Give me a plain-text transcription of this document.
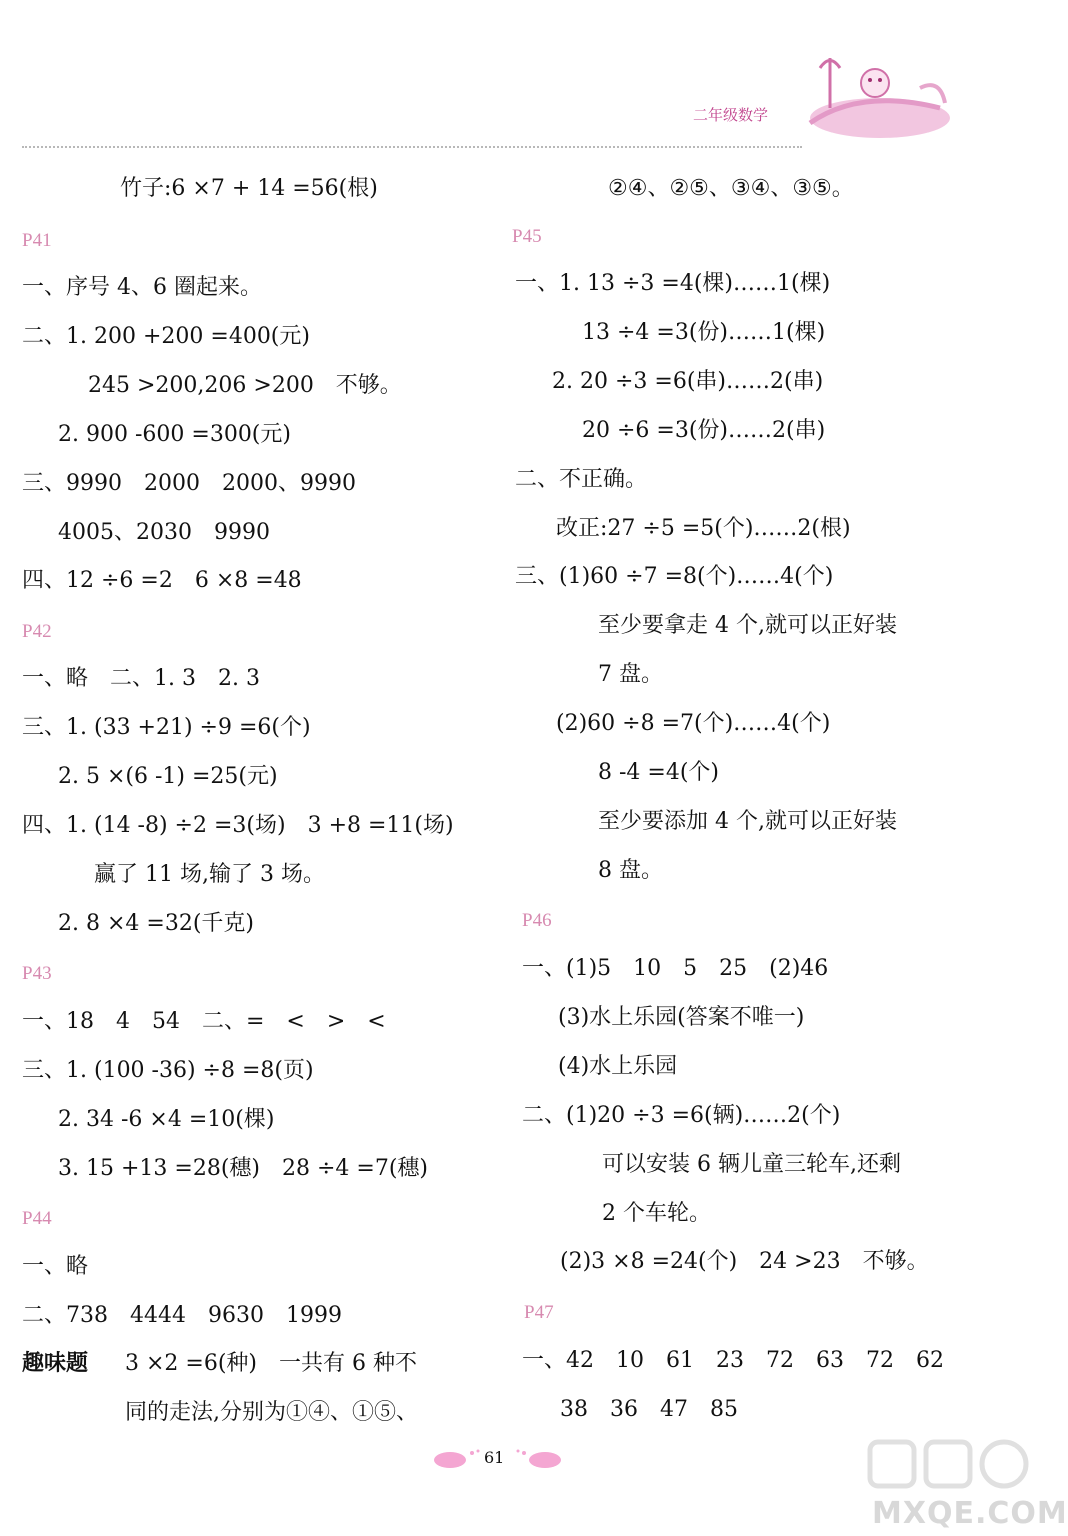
二年级数学
竹子:6 ×7 + 14 =56(根)
P41
一、序号 4、6 圈起来。
二、1. 200 +200 =400(元)
245 >200,206 >200　不够。
2. 900 -600 =300(元)
三、9990　2000　2000、9990
4005、2030　9990
四、12 ÷6 =2　6 ×8 =48
P42
一、略　二、1. 3　2. 3
三、1. (33 +21) ÷9 =6(个)
2. 5 ×(6 -1) =25(元)
四、1. (14 -8) ÷2 =3(场)　3 +8 =11(场)
赢了 11 场,输了 3 场。
2. 8 ×4 =32(千克)
P43
一、18　4　54　二、=　<　>　<
三、1. (100 -36) ÷8 =8(页)
2. 34 -6 ×4 =10(棵)
3. 15 +13 =28(穗)　28 ÷4 =7(穗)
P44
一、略
二、738　4444　9630　1999
趣味题 3 ×2 =6(种)　一共有 6 种不
同的走法,分别为①④、①⑤、
②④、②⑤、③④、③⑤。
P45
一、1. 13 ÷3 =4(棵)……1(棵)
13 ÷4 =3(份)……1(棵)
2. 20 ÷3 =6(串)……2(串)
20 ÷6 =3(份)……2(串)
二、不正确。
改正:27 ÷5 =5(个)……2(根)
三、(1)60 ÷7 =8(个)……4(个)
至少要拿走 4 个,就可以正好装
7 盘。
(2)60 ÷8 =7(个)……4(个)
8 -4 =4(个)
至少要添加 4 个,就可以正好装
8 盘。
P46
一、(1)5　10　5　25　(2)46
(3)水上乐园(答案不唯一)
(4)水上乐园
二、(1)20 ÷3 =6(辆)……2(个)
可以安装 6 辆儿童三轮车,还剩
2 个车轮。
(2)3 ×8 =24(个)　24 >23　不够。
P47
一、42　10　61　23　72　63　72　62
38　36　47　85
61
MXQE.COM
